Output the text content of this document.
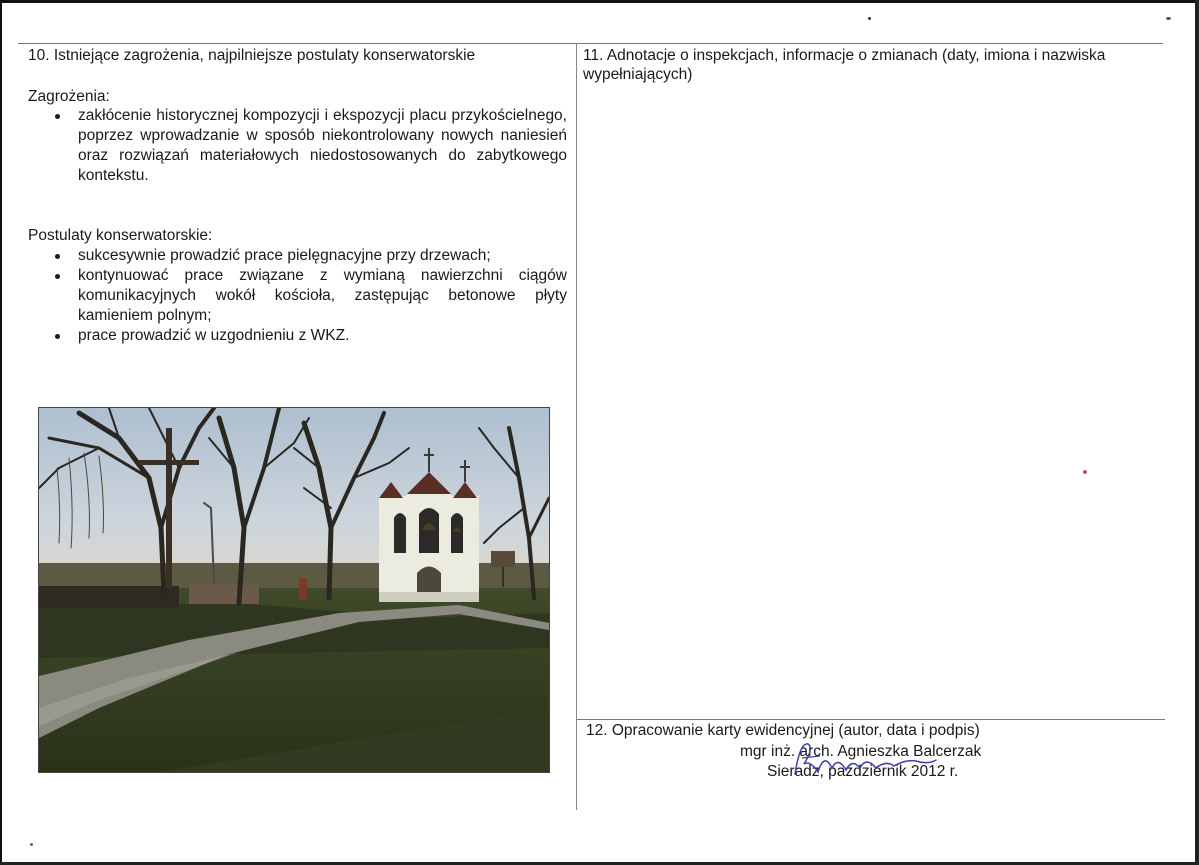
10. Istniejące zagrożenia, najpilniejsze postulaty konserwatorskie

Zagrożenia:

zakłócenie historycznej kompozycji i ekspozycji placu przykościelnego, poprzez wprowadzanie w sposób niekontrolowany nowych naniesień oraz rozwiązań materiałowych niedostosowanych do zabytkowego kontekstu.

Postulaty konserwatorskie:

sukcesywnie prowadzić prace pielęgnacyjne przy drzewach;
kontynuować prace związane z wymianą nawierzchni ciągów komunikacyjnych wokół kościoła, zastępując betonowe płyty kamieniem polnym;
prace prowadzić w uzgodnieniu z WKZ.

11. Adnotacje o inspekcjach, informacje o zmianach (daty, imiona i nazwiska wypełniających)

12. Opracowanie karty ewidencyjnej (autor, data i podpis)
mgr inż. arch. Agnieszka Balcerzak
Sieradz, październik 2012 r.
